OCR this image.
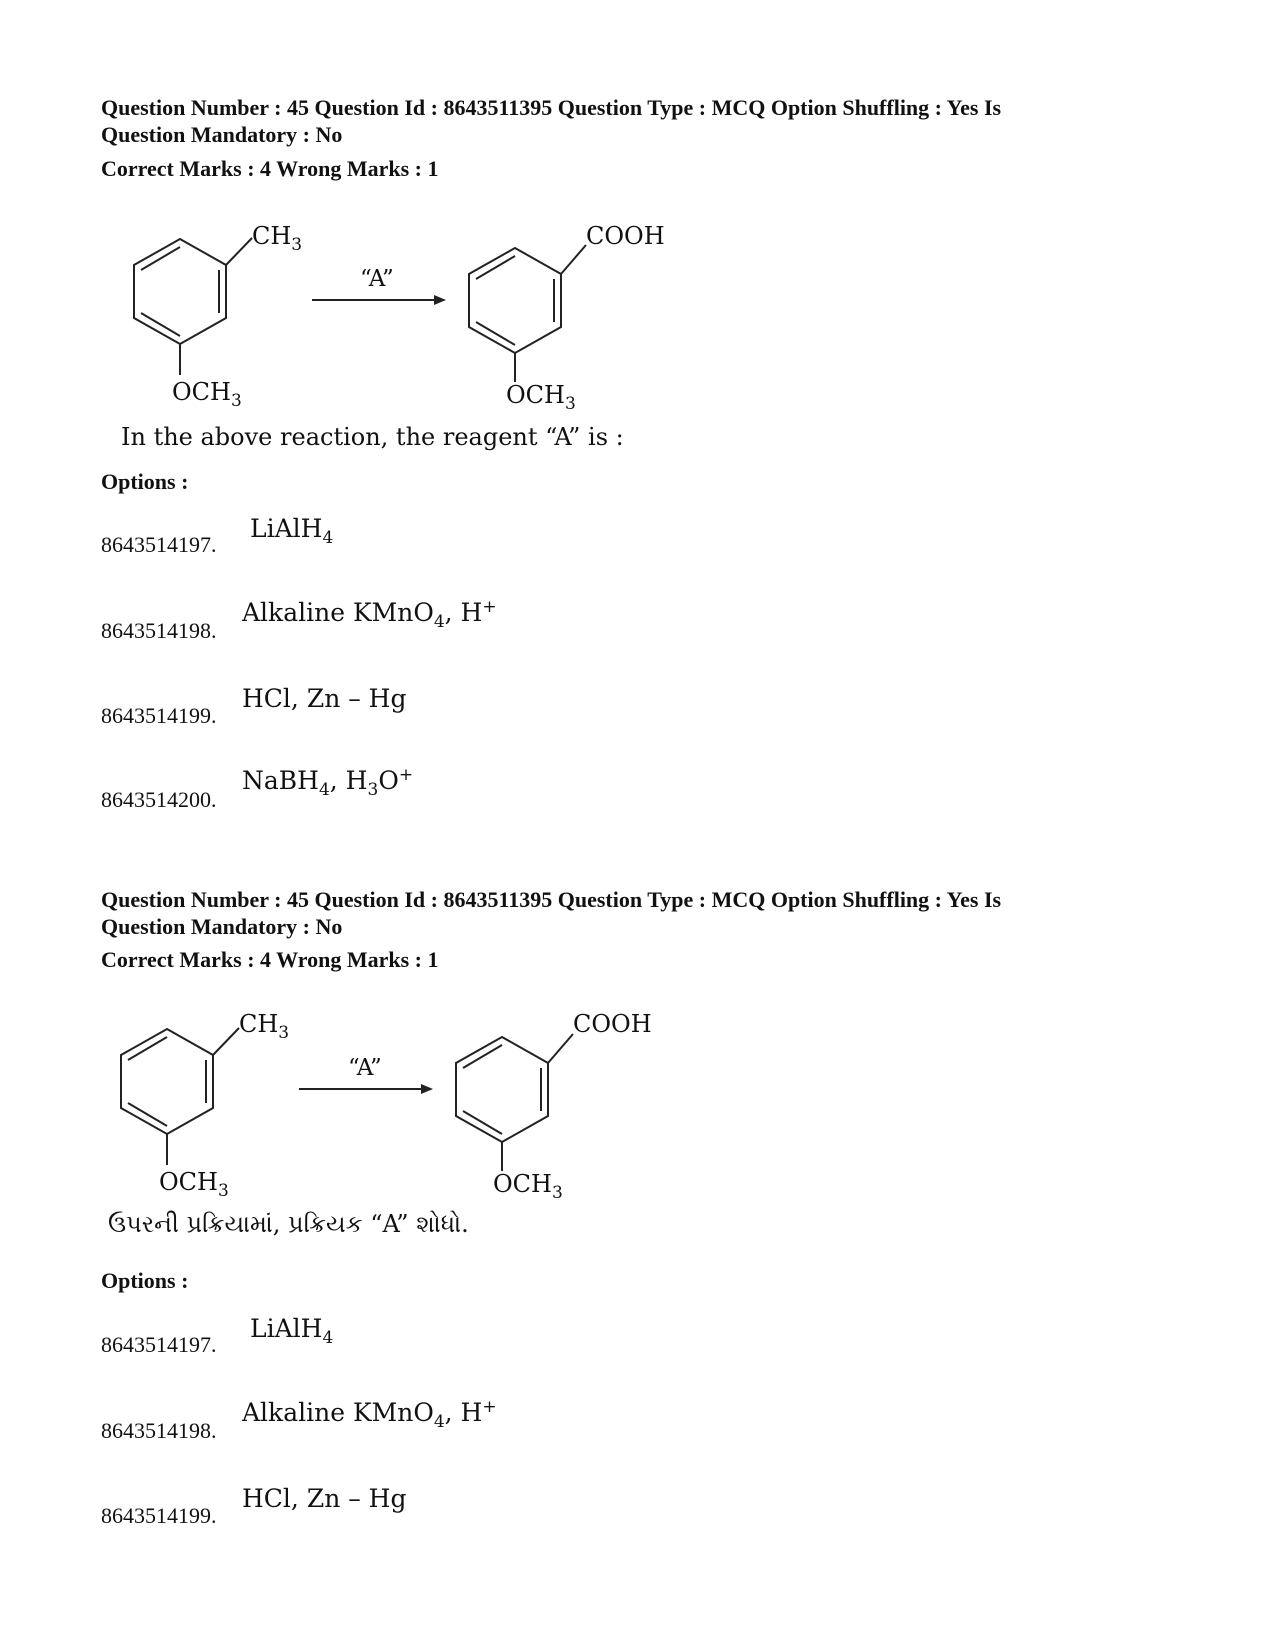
Question Number : 45 Question Id : 8643511395 Question Type : MCQ Option Shuffling : Yes Is

Question Mandatory : No

Correct Marks : 4 Wrong Marks : 1

$CH_3$

“A”

COOH

$OCH_3$	$OCH_3$

In the above reaction, the reagent “A” is :

Options :

8643514197.

LiAlH$_4$

8643514198.

Alkaline KMnO$_4$, H+

8643514199.

HCl, Zn – Hg

8643514200.

NaBH$_4$, $H_3O^+$

Question Number : 45 Question Id : 8643511395 Question Type : MCQ Option Shuffling : Yes Is

Question Mandatory : No

Correct Marks : 4 Wrong Marks : 1

$CH_3$

“A”

COOH

$OCH_3$	$OCH_3$

ઉપરની પ્રક્રિયામાં, પ્રક્રિયક “A” શોધો.

Options :

8643514197.

LiAlH$_4$

8643514198.

Alkaline KMnO$_4$, H+

8643514199.

HCl, Zn – Hg
